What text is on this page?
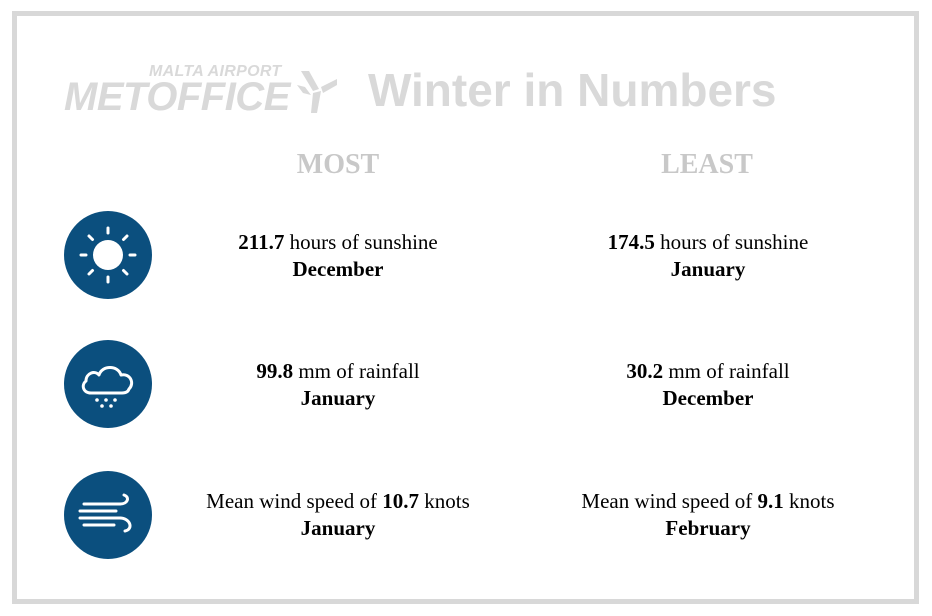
MALTA AIRPORT
METOFFICE Winter in Numbers
MOST	LEAST
211.7 hours of sunshine
December
174.5 hours of sunshine
January
99.8 mm of rainfall
January
30.2 mm of rainfall
December
Mean wind speed of 10.7 knots
January
Mean wind speed of 9.1 knots
February
